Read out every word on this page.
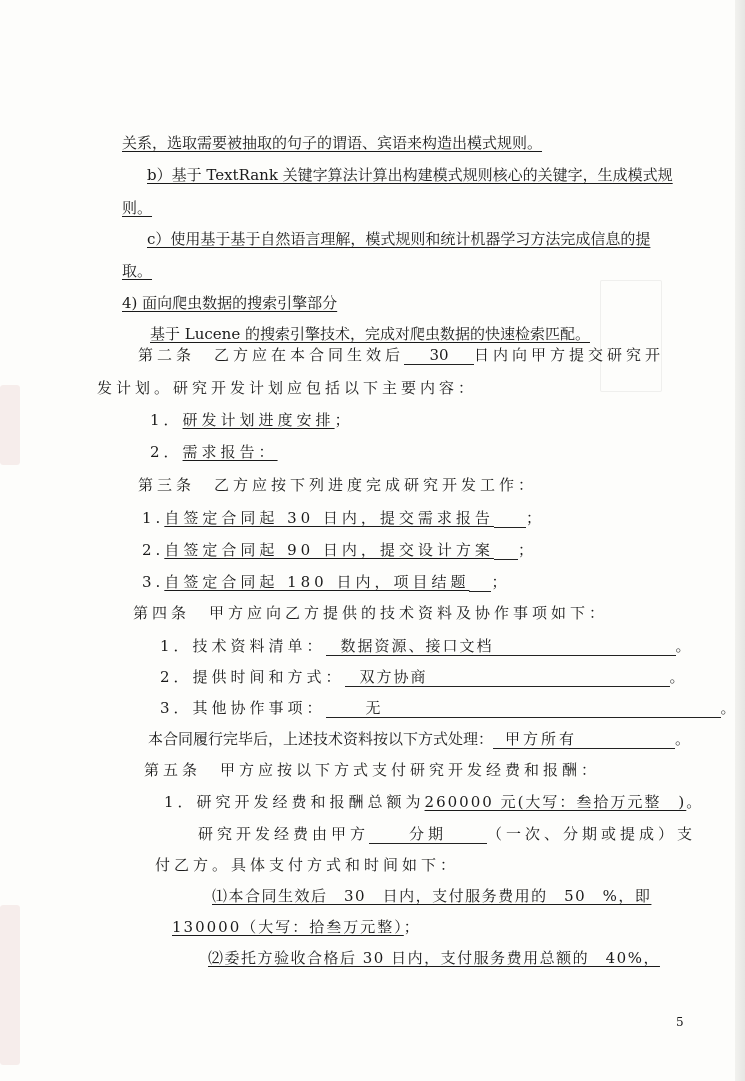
关系，选取需要被抽取的句子的谓语、宾语来构造出模式规则。
b）基于 TextRank 关键字算法计算出构建模式规则核心的关键字，生成模式规
则。
c）使用基于基于自然语言理解，模式规则和统计机器学习方法完成信息的提
取。
4) 面向爬虫数据的搜索引擎部分
基于 Lucene 的搜索引擎技术，完成对爬虫数据的快速检索匹配。
第二条　乙方应在本合同生效后 30 日内向甲方提交研究开
发计划。研究开发计划应包括以下主要内容：
1．研发计划进度安排；
2．需求报告：
第三条　乙方应按下列进度完成研究开发工作：
1.自签定合同起 30 日内，提交需求报告 ；
2.自签定合同起 90 日内，提交设计方案 ；
3.自签定合同起 180 日内，项目结题 ；
第四条　甲方应向乙方提供的技术资料及协作事项如下：
1．技术资料清单： 数据资源、接口文档	。
2．提供时间和方式： 双方协商	。
3．其他协作事项：	无	。
本合同履行完毕后，上述技术资料按以下方式处理： 甲方所有	。
第五条　甲方应按以下方式支付研究开发经费和报酬：
1．研究开发经费和报酬总额为260000 元(大写：叁拾万元整　)。
研究开发经费由甲方	分期	（一次、分期或提成）支
付乙方。具体支付方式和时间如下：
⑴本合同生效后　30　日内，支付服务费用的　50　%，即
130000（大写：拾叁万元整）；
⑵委托方验收合格后 30 日内，支付服务费用总额的　40%，
5
